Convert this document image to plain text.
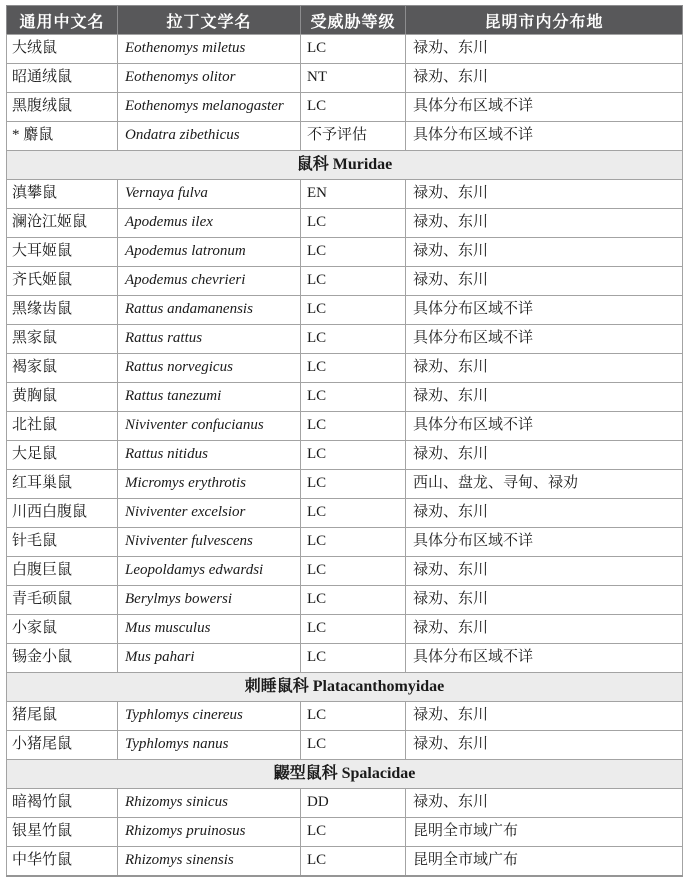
通用中文名	拉丁文学名	受威胁等级	昆明市内分布地
大绒鼠	Eothenomys miletus	LC	禄劝、东川
昭通绒鼠	Eothenomys olitor	NT	禄劝、东川
黑腹绒鼠	Eothenomys melanogaster	LC	具体分布区域不详
* 麝鼠	Ondatra zibethicus	不予评估	具体分布区域不详
鼠科 Muridae			
滇攀鼠	Vernaya fulva	EN	禄劝、东川
澜沧江姬鼠	Apodemus ilex	LC	禄劝、东川
大耳姬鼠	Apodemus latronum	LC	禄劝、东川
齐氏姬鼠	Apodemus chevrieri	LC	禄劝、东川
黑缘齿鼠	Rattus andamanensis	LC	具体分布区域不详
黑家鼠	Rattus rattus	LC	具体分布区域不详
褐家鼠	Rattus norvegicus	LC	禄劝、东川
黄胸鼠	Rattus tanezumi	LC	禄劝、东川
北社鼠	Niviventer confucianus	LC	具体分布区域不详
大足鼠	Rattus nitidus	LC	禄劝、东川
红耳巢鼠	Micromys erythrotis	LC	西山、盘龙、寻甸、禄劝
川西白腹鼠	Niviventer excelsior	LC	禄劝、东川
针毛鼠	Niviventer fulvescens	LC	具体分布区域不详
白腹巨鼠	Leopoldamys edwardsi	LC	禄劝、东川
青毛硕鼠	Berylmys bowersi	LC	禄劝、东川
小家鼠	Mus musculus	LC	禄劝、东川
锡金小鼠	Mus pahari	LC	具体分布区域不详
刺睡鼠科 Platacanthomyidae			
猪尾鼠	Typhlomys cinereus	LC	禄劝、东川
小猪尾鼠	Typhlomys nanus	LC	禄劝、东川
鼹型鼠科 Spalacidae			
暗褐竹鼠	Rhizomys sinicus	DD	禄劝、东川
银星竹鼠	Rhizomys pruinosus	LC	昆明全市域广布
中华竹鼠	Rhizomys sinensis	LC	昆明全市域广布
